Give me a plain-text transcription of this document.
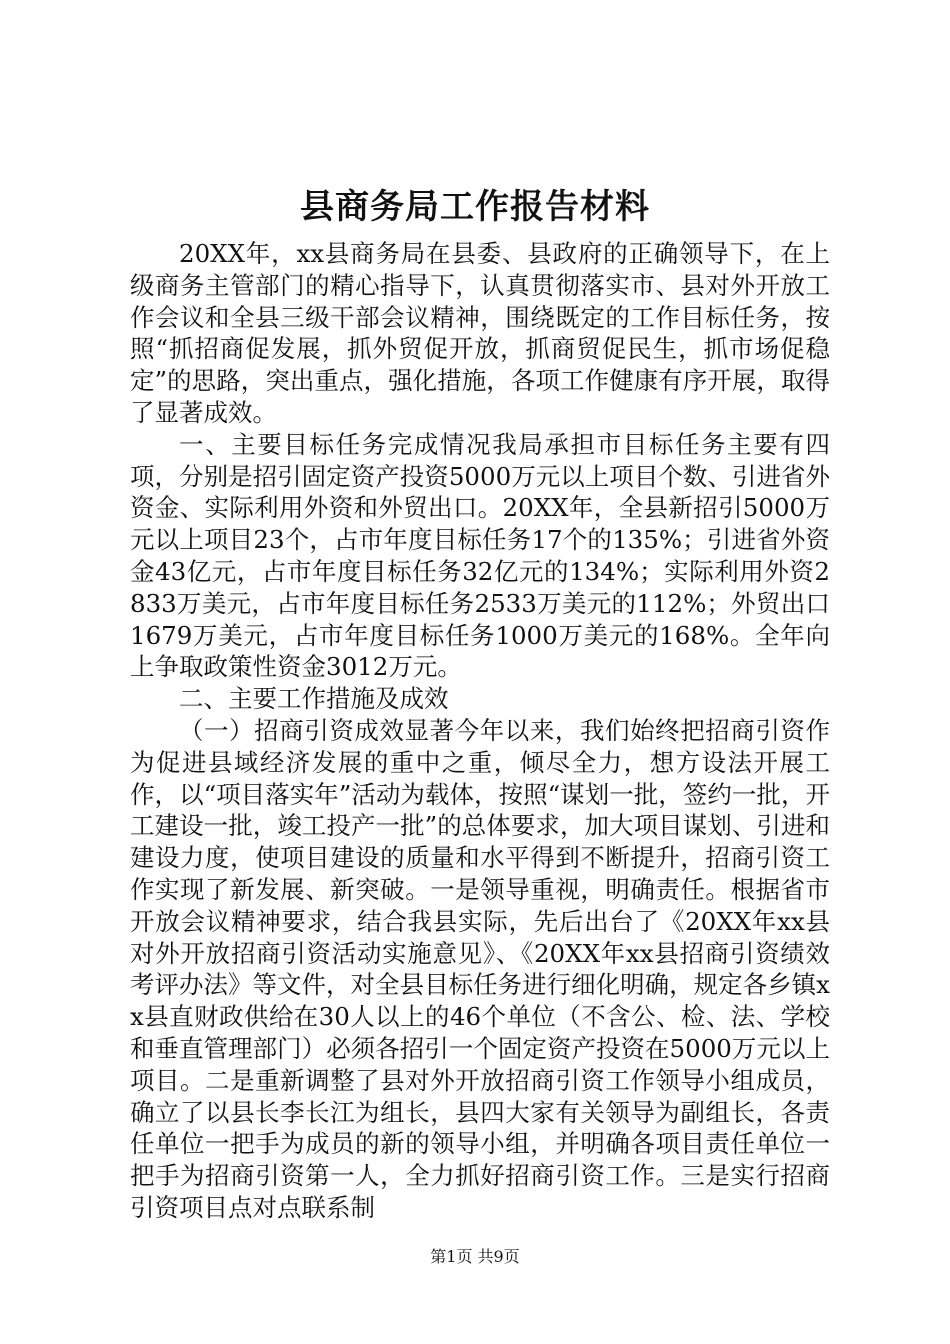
县商务局工作报告材料

20XX年，xx县商务局在县委、县政府的正确领导下，在上级商务主管部门的精心指导下，认真贯彻落实市、县对外开放工作会议和全县三级干部会议精神，围绕既定的工作目标任务，按照“抓招商促发展，抓外贸促开放，抓商贸促民生，抓市场促稳定”的思路，突出重点，强化措施，各项工作健康有序开展，取得了显著成效。

一、主要目标任务完成情况我局承担市目标任务主要有四项，分别是招引固定资产投资5000万元以上项目个数、引进省外资金、实际利用外资和外贸出口。20XX年，全县新招引5000万元以上项目23个，占市年度目标任务17个的135%；引进省外资金43亿元，占市年度目标任务32亿元的134%；实际利用外资2833万美元，占市年度目标任务2533万美元的112%；外贸出口1679万美元，占市年度目标任务1000万美元的168%。全年向上争取政策性资金3012万元。

二、主要工作措施及成效

（一）招商引资成效显著今年以来，我们始终把招商引资作为促进县域经济发展的重中之重，倾尽全力，想方设法开展工作，以“项目落实年”活动为载体，按照“谋划一批，签约一批，开工建设一批，竣工投产一批”的总体要求，加大项目谋划、引进和建设力度，使项目建设的质量和水平得到不断提升，招商引资工作实现了新发展、新突破。一是领导重视，明确责任。根据省市开放会议精神要求，结合我县实际，先后出台了《20XX年xx县对外开放招商引资活动实施意见》、《20XX年xx县招商引资绩效考评办法》等文件，对全县目标任务进行细化明确，规定各乡镇xx县直财政供给在30人以上的46个单位（不含公、检、法、学校和垂直管理部门）必须各招引一个固定资产投资在5000万元以上项目。二是重新调整了县对外开放招商引资工作领导小组成员，确立了以县长李长江为组长，县四大家有关领导为副组长，各责任单位一把手为成员的新的领导小组，并明确各项目责任单位一把手为招商引资第一人，全力抓好招商引资工作。三是实行招商引资项目点对点联系制

第1页 共9页
